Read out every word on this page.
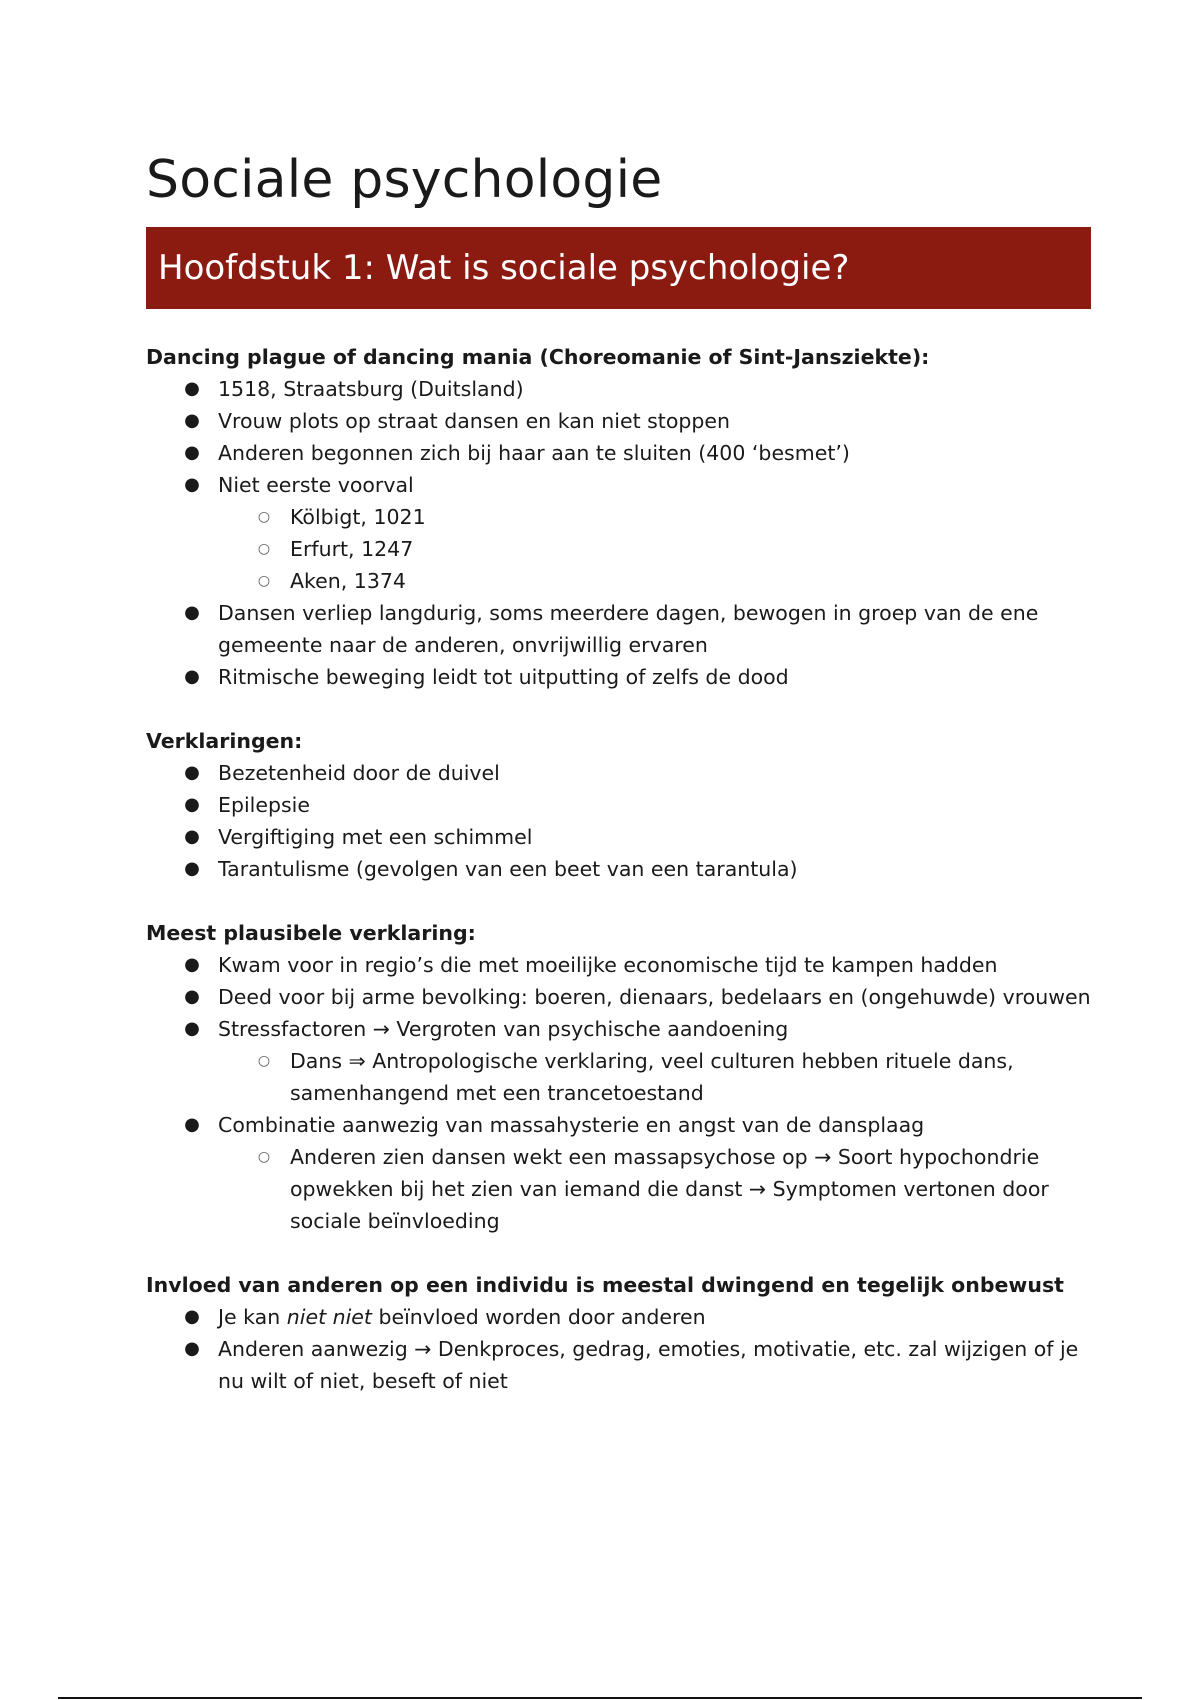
Sociale psychologie
Hoofdstuk 1: Wat is sociale psychologie?

Dancing plague of dancing mania (Choreomanie of Sint-Jansziekte):

● 1518, Straatsburg (Duitsland)
● Vrouw plots op straat dansen en kan niet stoppen
● Anderen begonnen zich bij haar aan te sluiten (400 ‘besmet’)
● Niet eerste voorval
○ Kölbigt, 1021
○ Erfurt, 1247
○ Aken, 1374
● Dansen verliep langdurig, soms meerdere dagen, bewogen in groep van de ene gemeente naar de anderen, onvrijwillig ervaren
● Ritmische beweging leidt tot uitputting of zelfs de dood

Verklaringen:

● Bezetenheid door de duivel
● Epilepsie
● Vergiftiging met een schimmel
● Tarantulisme (gevolgen van een beet van een tarantula)

Meest plausibele verklaring:

● Kwam voor in regio’s die met moeilijke economische tijd te kampen hadden
● Deed voor bij arme bevolking: boeren, dienaars, bedelaars en (ongehuwde) vrouwen
● Stressfactoren → Vergroten van psychische aandoening
○ Dans ⇒ Antropologische verklaring, veel culturen hebben rituele dans, samenhangend met een trancetoestand
● Combinatie aanwezig van massahysterie en angst van de dansplaag
○ Anderen zien dansen wekt een massapsychose op → Soort hypochondrie opwekken bij het zien van iemand die danst → Symptomen vertonen door sociale beïnvloeding

Invloed van anderen op een individu is meestal dwingend en tegelijk onbewust

● Je kan niet niet beïnvloed worden door anderen
● Anderen aanwezig → Denkproces, gedrag, emoties, motivatie, etc. zal wijzigen of je nu wilt of niet, beseft of niet
